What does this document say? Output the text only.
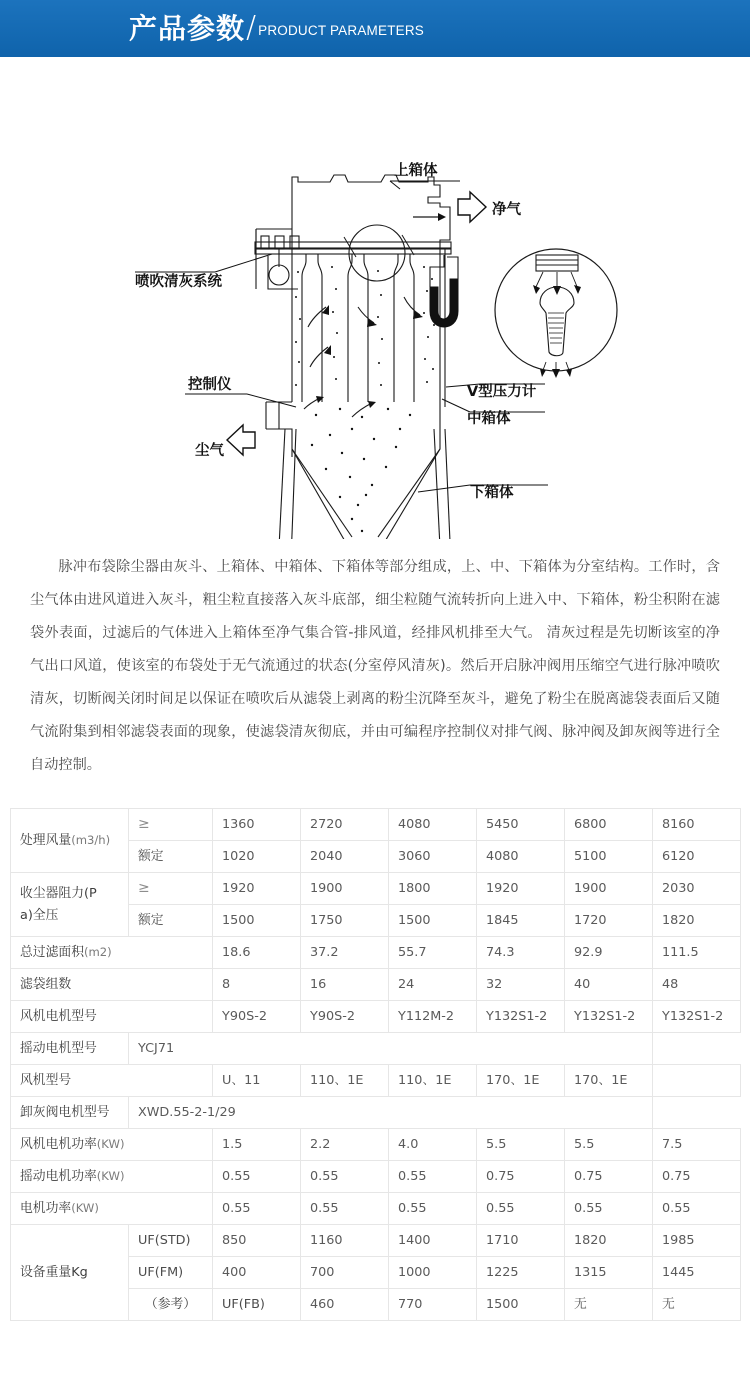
产品参数 / PRODUCT PARAMETERS
上箱体
净气
喷吹清灰系统
控制仪
尘气
V型压力计
中箱体
下箱体

脉冲布袋除尘器由灰斗、上箱体、中箱体、下箱体等部分组成，上、中、下箱体为分室结构。工作时，含尘气体由进风道进入灰斗，粗尘粒直接落入灰斗底部，细尘粒随气流转折向上进入中、下箱体，粉尘积附在滤袋外表面，过滤后的气体进入上箱体至净气集合管-排风道，经排风机排至大气。 清灰过程是先切断该室的净气出口风道，使该室的布袋处于无气流通过的状态(分室停风清灰)。然后开启脉冲阀用压缩空气进行脉冲喷吹清灰，切断阀关闭时间足以保证在喷吹后从滤袋上剥离的粉尘沉降至灰斗，避免了粉尘在脱离滤袋表面后又随气流附集到相邻滤袋表面的现象，使滤袋清灰彻底，并由可编程序控制仪对排气阀、脉冲阀及卸灰阀等进行全自动控制。

处理风量(m3/h)	≥	1360	2720	4080	5450	6800	8160	
	额定	1020	2040	3060	4080	5100	6120	
收尘器阻力(P
a)全压	≥	1920	1900	1800	1920	1900	2030	
	额定	1500	1750	1500	1845	1720	1820	
总过滤面积(m2)		18.6	37.2	55.7	74.3	92.9	111.5	
滤袋组数		8	16	24	32	40	48	
风机电机型号		Y90S-2	Y90S-2	Y112M-2	Y132S1-2	Y132S1-2	Y132S1-2	
摇动电机型号	YCJ71							
风机型号		U、11	110、1E	110、1E	170、1E	170、1E		
卸灰阀电机型号	XWD.55-2-1/29							
风机电机功率(KW)		1.5	2.2	4.0	5.5	5.5	7.5	
摇动电机功率(KW)		0.55	0.55	0.55	0.75	0.75	0.75	
电机功率(KW)		0.55	0.55	0.55	0.55	0.55	0.55	
设备重量Kg	UF(STD)	850	1160	1400	1710	1820	1985	
	UF(FM)	400	700	1000	1225	1315	1445	
	（参考）	UF(FB)	460	770	1500	无	无	
